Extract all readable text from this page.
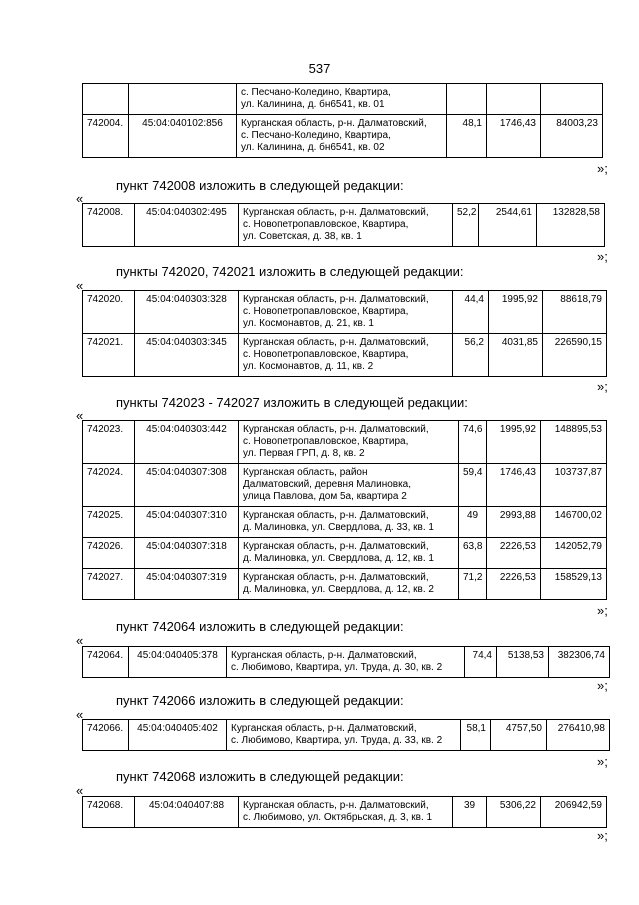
537

		с. Песчано-Коледино, Квартира,
ул. Калинина, д. бн6541, кв. 01			

742004.	45:04:040102:856	Курганская область, р-н. Далматовский,
с. Песчано-Коледино, Квартира,
ул. Калинина, д. бн6541, кв. 02	48,1	1746,43	84003,23
»;
пункт 742008 изложить в следующей редакции:
«
742008.	45:04:040302:495	Курганская область, р-н. Далматовский,
с. Новопетропавловское, Квартира,
ул. Советская, д. 38, кв. 1
	52,2	2544,61	132828,58
»;
пункты 742020, 742021 изложить в следующей редакции:
«
742020.	45:04:040303:328	Курганская область, р-н. Далматовский,
с. Новопетропавловское, Квартира,
ул. Космонавтов, д. 21, кв. 1	44,4	1995,92	88618,79
742021.	45:04:040303:345	Курганская область, р-н. Далматовский,
с. Новопетропавловское, Квартира,
ул. Космонавтов, д. 11, кв. 2	56,2	4031,85	226590,15
»;
пункты 742023 - 742027 изложить в следующей редакции:
«
742023.	45:04:040303:442	Курганская область, р-н. Далматовский,
с. Новопетропавловское, Квартира,
ул. Первая ГРП, д. 8, кв. 2	74,6	1995,92	148895,53
742024.	45:04:040307:308	Курганская область, район
Далматовский, деревня Малиновка,
улица Павлова, дом 5а, квартира 2	59,4	1746,43	103737,87
742025.	45:04:040307:310	Курганская область, р-н. Далматовский,
д. Малиновка, ул. Свердлова, д. 33, кв. 1	49	2993,88	146700,02
742026.	45:04:040307:318	Курганская область, р-н. Далматовский,
д. Малиновка, ул. Свердлова, д. 12, кв. 1	63,8	2226,53	142052,79
742027.	45:04:040307:319	Курганская область, р-н. Далматовский,
д. Малиновка, ул. Свердлова, д. 12, кв. 2	71,2	2226,53	158529,13
»;
пункт 742064 изложить в следующей редакции:
«
742064.	45:04:040405:378	Курганская область, р-н. Далматовский,
с. Любимово, Квартира, ул. Труда, д. 30, кв. 2
	74,4	5138,53	382306,74
»;
пункт 742066 изложить в следующей редакции:
«
742066.	45:04:040405:402	Курганская область, р-н. Далматовский,
с. Любимово, Квартира, ул. Труда, д. 33, кв. 2
	58,1	4757,50	276410,98
»;
пункт 742068 изложить в следующей редакции:
«
742068.	45:04:040407:88	Курганская область, р-н. Далматовский,
с. Любимово, ул. Октябрьская, д. 3, кв. 1
	39	5306,22	206942,59
»;
